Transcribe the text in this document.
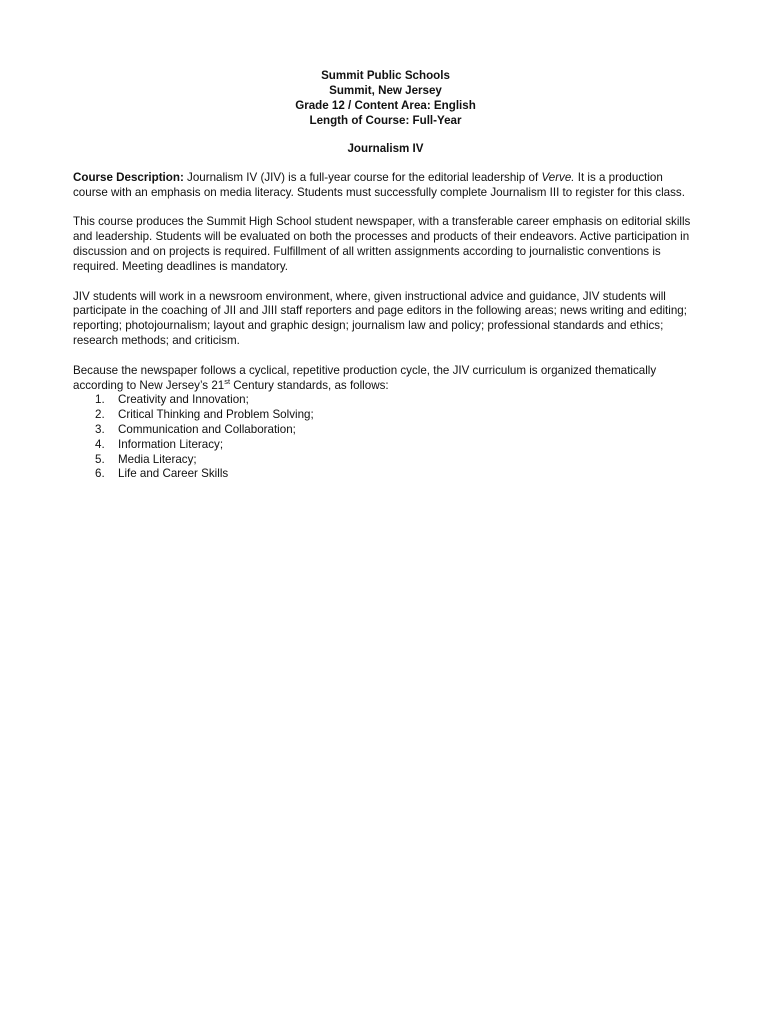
Summit Public Schools
Summit, New Jersey
Grade 12 / Content Area: English
Length of Course: Full-Year
Journalism IV

Course Description: Journalism IV (JIV) is a full-year course for the editorial leadership of Verve. It is a production course with an emphasis on media literacy. Students must successfully complete Journalism III to register for this class.

This course produces the Summit High School student newspaper, with a transferable career emphasis on editorial skills and leadership. Students will be evaluated on both the processes and products of their endeavors. Active participation in discussion and on projects is required. Fulfillment of all written assignments according to journalistic conventions is required. Meeting deadlines is mandatory.

JIV students will work in a newsroom environment, where, given instructional advice and guidance, JIV students will participate in the coaching of JII and JIII staff reporters and page editors in the following areas; news writing and editing; reporting; photojournalism; layout and graphic design; journalism law and policy; professional standards and ethics; research methods; and criticism.

Because the newspaper follows a cyclical, repetitive production cycle, the JIV curriculum is organized thematically according to New Jersey’s 21st Century standards, as follows:

1.	Creativity and Innovation;
2.	Critical Thinking and Problem Solving;
3.	Communication and Collaboration;
4.	Information Literacy;
5.	Media Literacy;
6.	Life and Career Skills
